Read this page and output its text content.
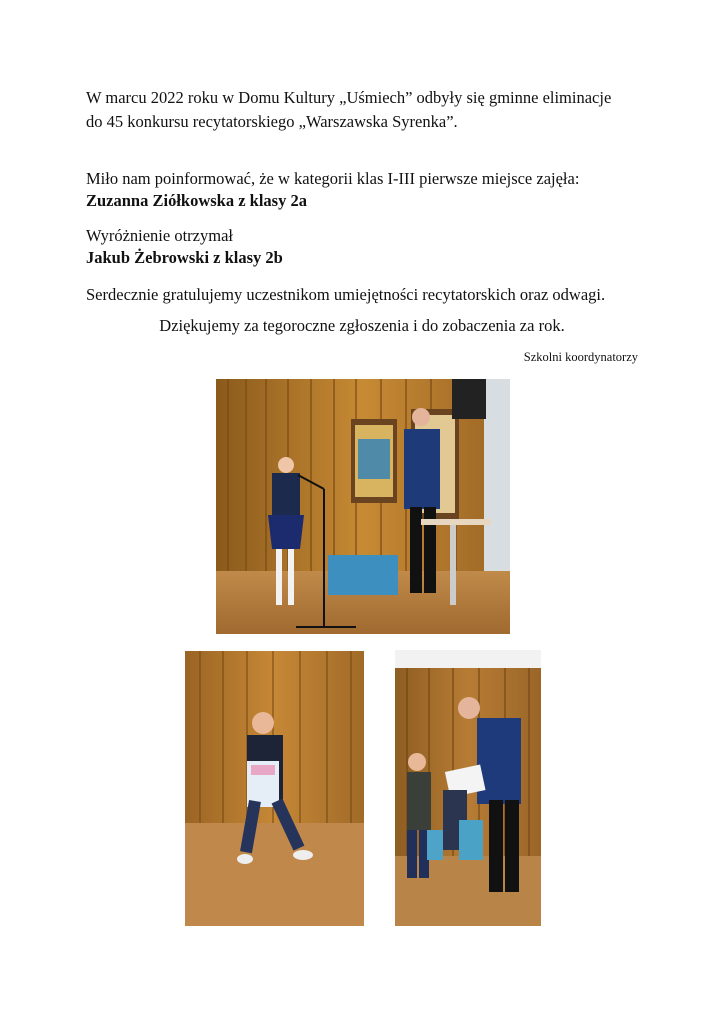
W marcu 2022 roku w Domu Kultury „Uśmiech” odbyły się gminne eliminacje

do 45 konkursu recytatorskiego „Warszawska Syrenka”.

Miło nam poinformować, że w kategorii klas I-III pierwsze miejsce zajęła:

Zuzanna Ziółkowska z klasy 2a

Wyróżnienie otrzymał

Jakub Żebrowski z klasy 2b

Serdecznie gratulujemy uczestnikom umiejętności recytatorskich oraz odwagi.

Dziękujemy za tegoroczne zgłoszenia i do zobaczenia za rok.

Szkolni koordynatorzy
